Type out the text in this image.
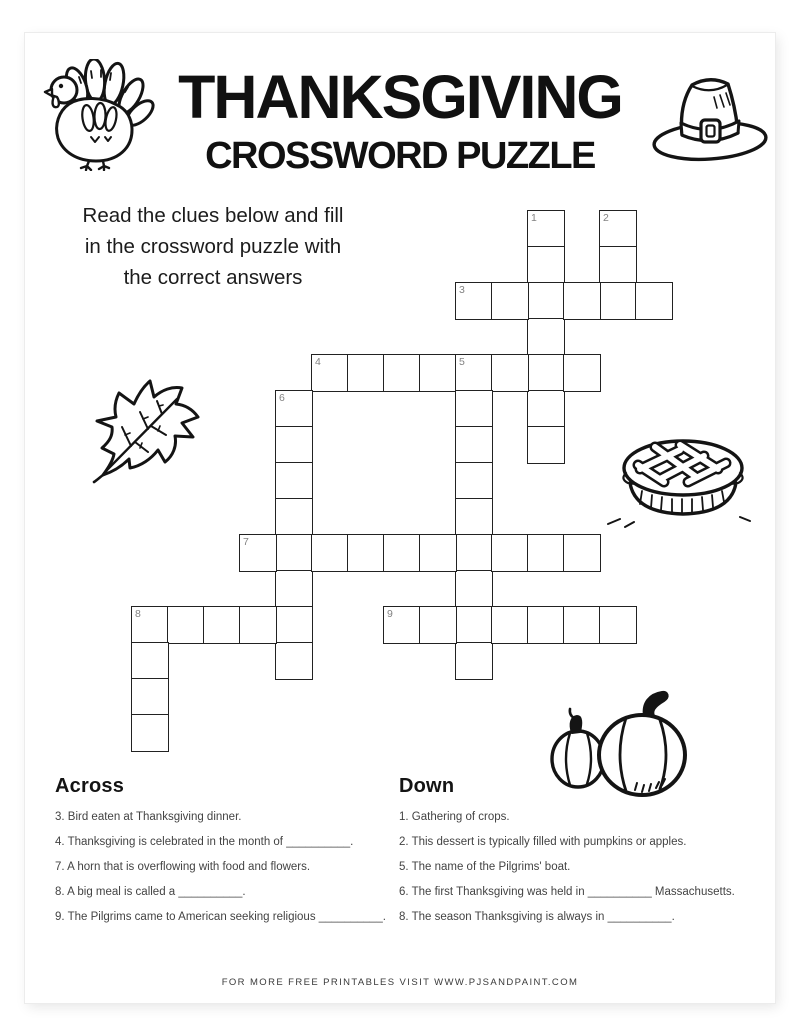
THANKSGIVING
CROSSWORD PUZZLE
Read the clues below and fill
in the crossword puzzle with
the correct answers
1	2
3
4	5
6
7
8	9
Across
3. Bird eaten at Thanksgiving dinner.
4. Thanksgiving is celebrated in the month of __________.
7. A horn that is overflowing with food and flowers.
8. A big meal is called a __________.
9. The Pilgrims came to American seeking religious __________.
Down
1. Gathering of crops.
2. This dessert is typically filled with pumpkins or apples.
5. The name of the Pilgrims' boat.
6. The first Thanksgiving was held in __________ Massachusetts.
8. The season Thanksgiving is always in __________.
FOR MORE FREE PRINTABLES VISIT WWW.PJSANDPAINT.COM
